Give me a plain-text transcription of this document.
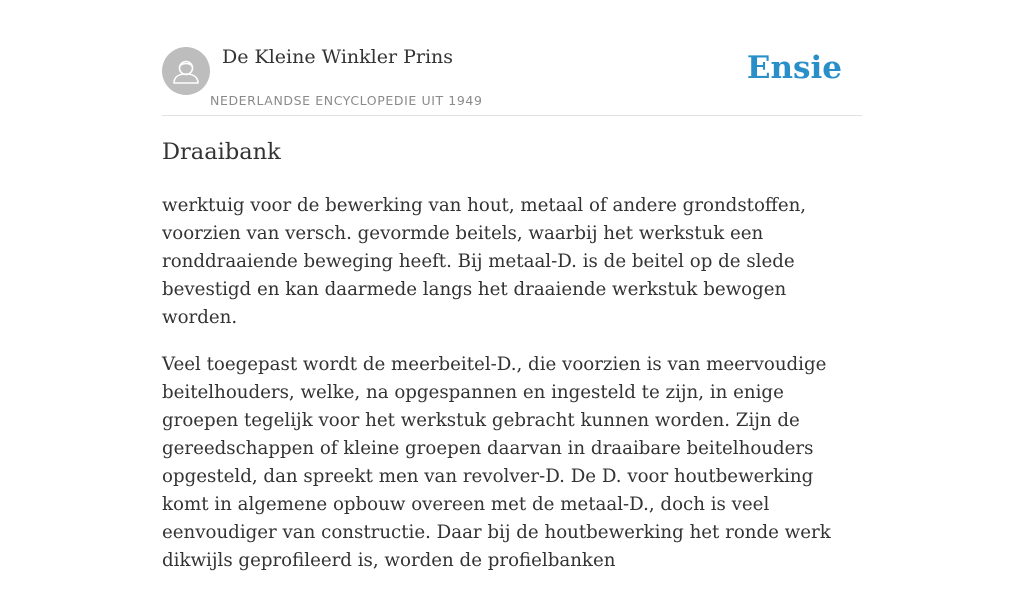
De Kleine Winkler Prins
NEDERLANDSE ENCYCLOPEDIE UIT 1949
Ensie
Draaibank

werktuig voor de bewerking van hout, metaal of andere grondstoffen, voorzien van versch. gevormde beitels, waarbij het werkstuk een ronddraaiende beweging heeft. Bij metaal-D. is de beitel op de slede bevestigd en kan daarmede langs het draaiende werkstuk bewogen worden.

Veel toegepast wordt de meerbeitel-D., die voorzien is van meervoudige beitelhouders, welke, na opgespannen en ingesteld te zijn, in enige groepen tegelijk voor het werkstuk gebracht kunnen worden. Zijn de gereedschappen of kleine groepen daarvan in draaibare beitelhouders opgesteld, dan spreekt men van revolver-D. De D. voor houtbewerking komt in algemene opbouw overeen met de metaal-D., doch is veel eenvoudiger van constructie. Daar bij de houtbewerking het ronde werk dikwijls geprofileerd is, worden de profielbanken
